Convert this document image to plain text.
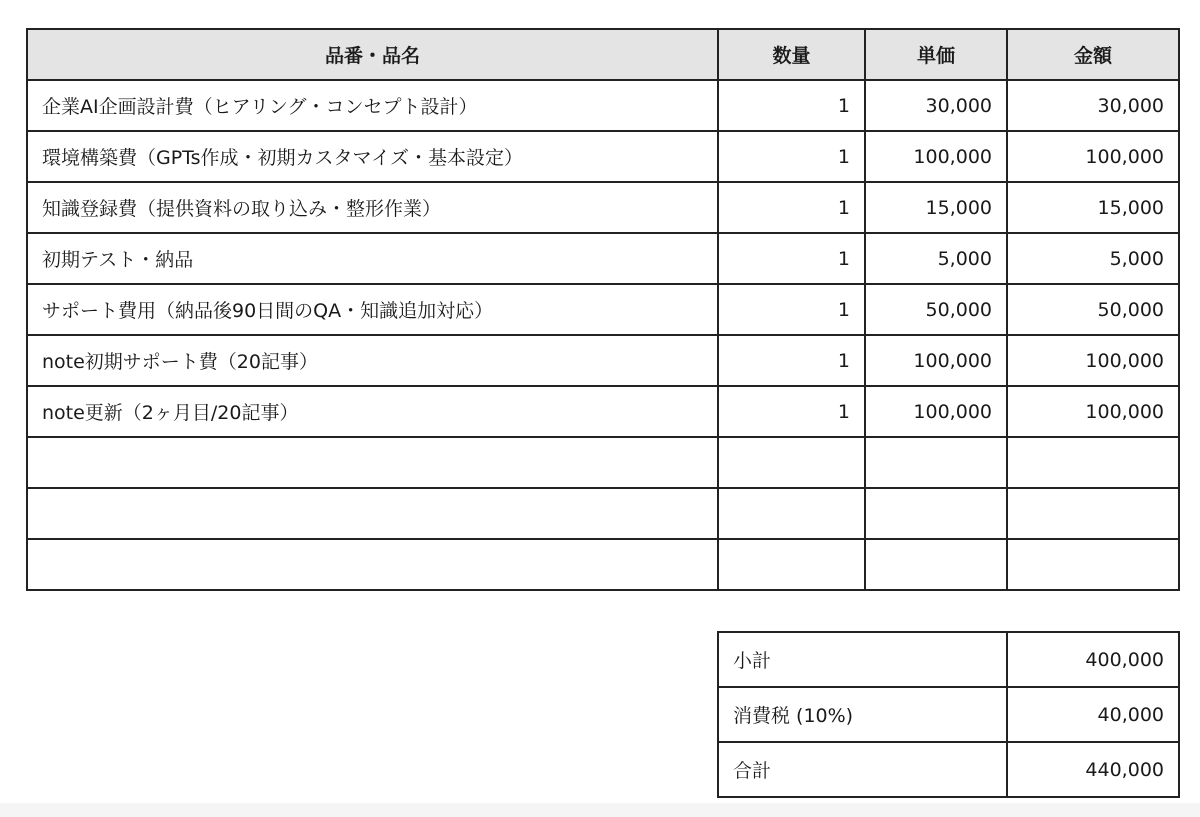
品番・品名	数量	単価	金額
企業AI企画設計費（ヒアリング・コンセプト設計）	1	30,000	30,000
環境構築費（GPTs作成・初期カスタマイズ・基本設定）	1	100,000	100,000
知識登録費（提供資料の取り込み・整形作業）	1	15,000	15,000
初期テスト・納品	1	5,000	5,000
サポート費用（納品後90日間のQA・知識追加対応）	1	50,000	50,000
note初期サポート費（20記事）	1	100,000	100,000
note更新（2ヶ月目/20記事）	1	100,000	100,000

小計	400,000
消費税 (10%)	40,000
合計	440,000
